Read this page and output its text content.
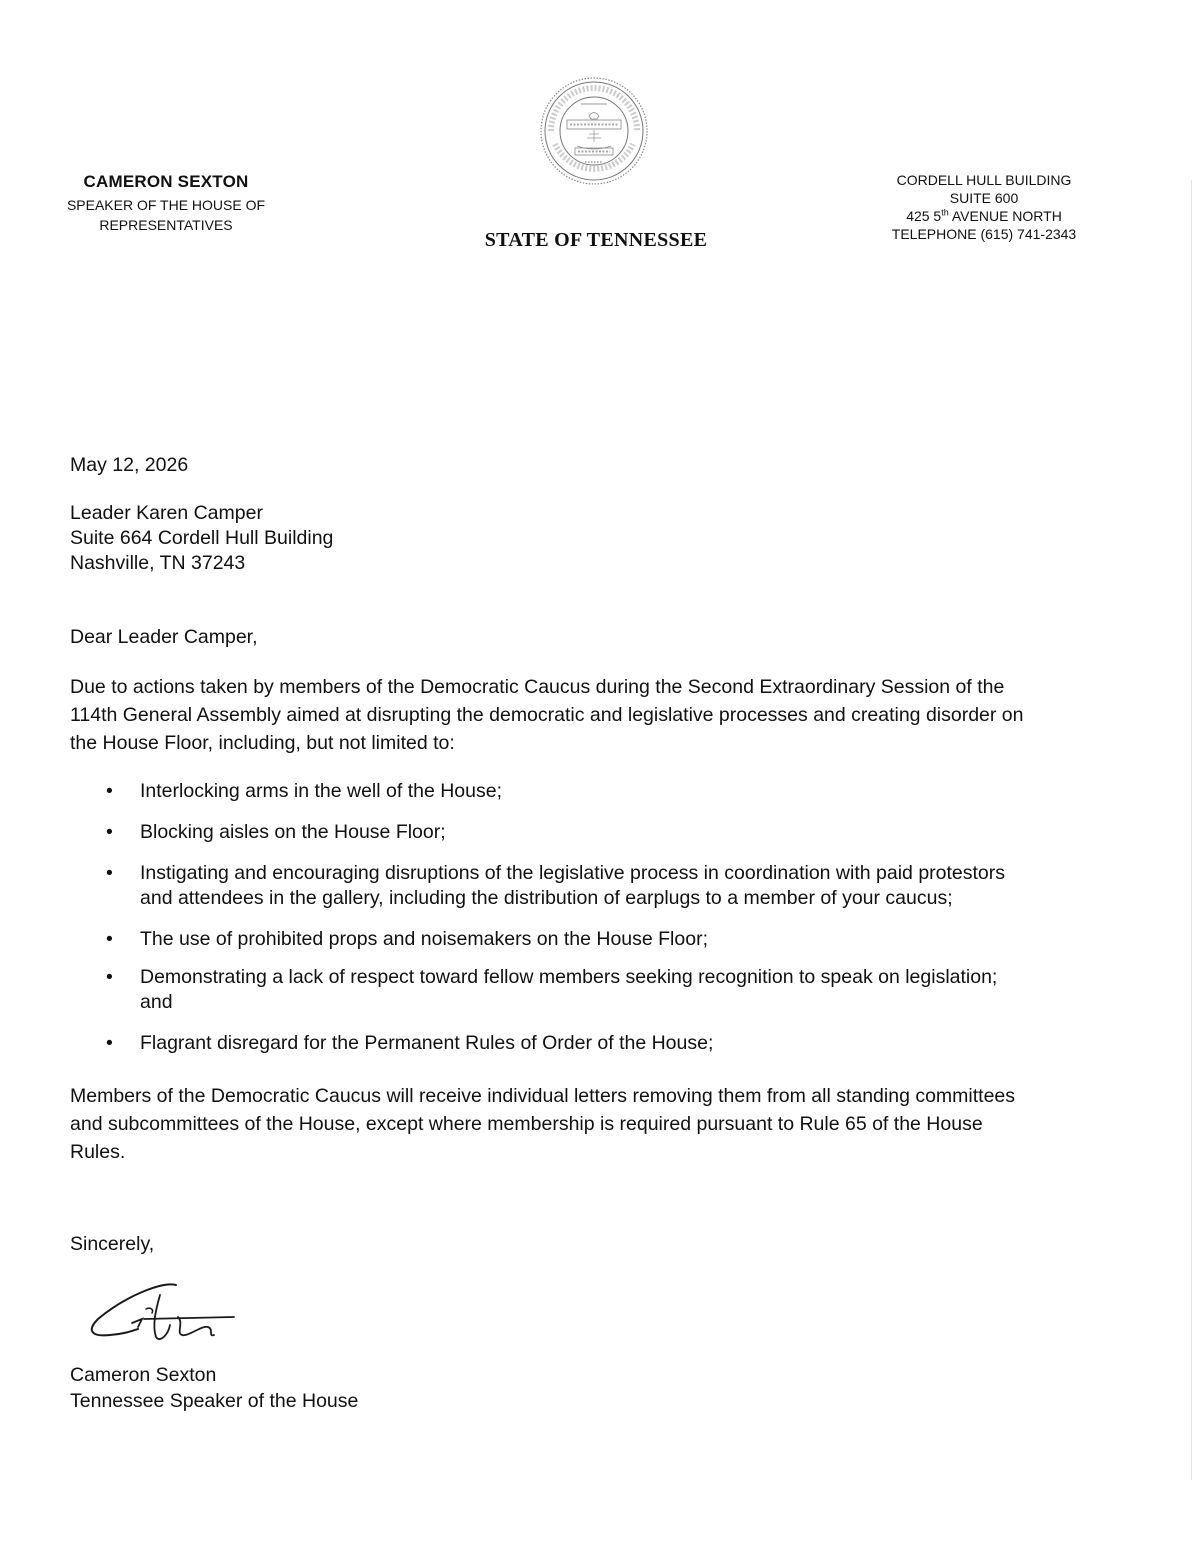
CAMERON SEXTON
SPEAKER OF THE HOUSE OF
REPRESENTATIVES
STATE OF TENNESSEE
CORDELL HULL BUILDING
SUITE 600
425 5th AVENUE NORTH
TELEPHONE (615) 741-2343
May 12, 2026
Leader Karen Camper
Suite 664 Cordell Hull Building
Nashville, TN 37243
Dear Leader Camper,
Due to actions taken by members of the Democratic Caucus during the Second Extraordinary Session of the
114th General Assembly aimed at disrupting the democratic and legislative processes and creating disorder on
the House Floor, including, but not limited to:
• Interlocking arms in the well of the House;
• Blocking aisles on the House Floor;
• Instigating and encouraging disruptions of the legislative process in coordination with paid protestors
and attendees in the gallery, including the distribution of earplugs to a member of your caucus;
• The use of prohibited props and noisemakers on the House Floor;
• Demonstrating a lack of respect toward fellow members seeking recognition to speak on legislation;
and
• Flagrant disregard for the Permanent Rules of Order of the House;
Members of the Democratic Caucus will receive individual letters removing them from all standing committees
and subcommittees of the House, except where membership is required pursuant to Rule 65 of the House
Rules.
Sincerely,
Cameron Sexton
Tennessee Speaker of the House
